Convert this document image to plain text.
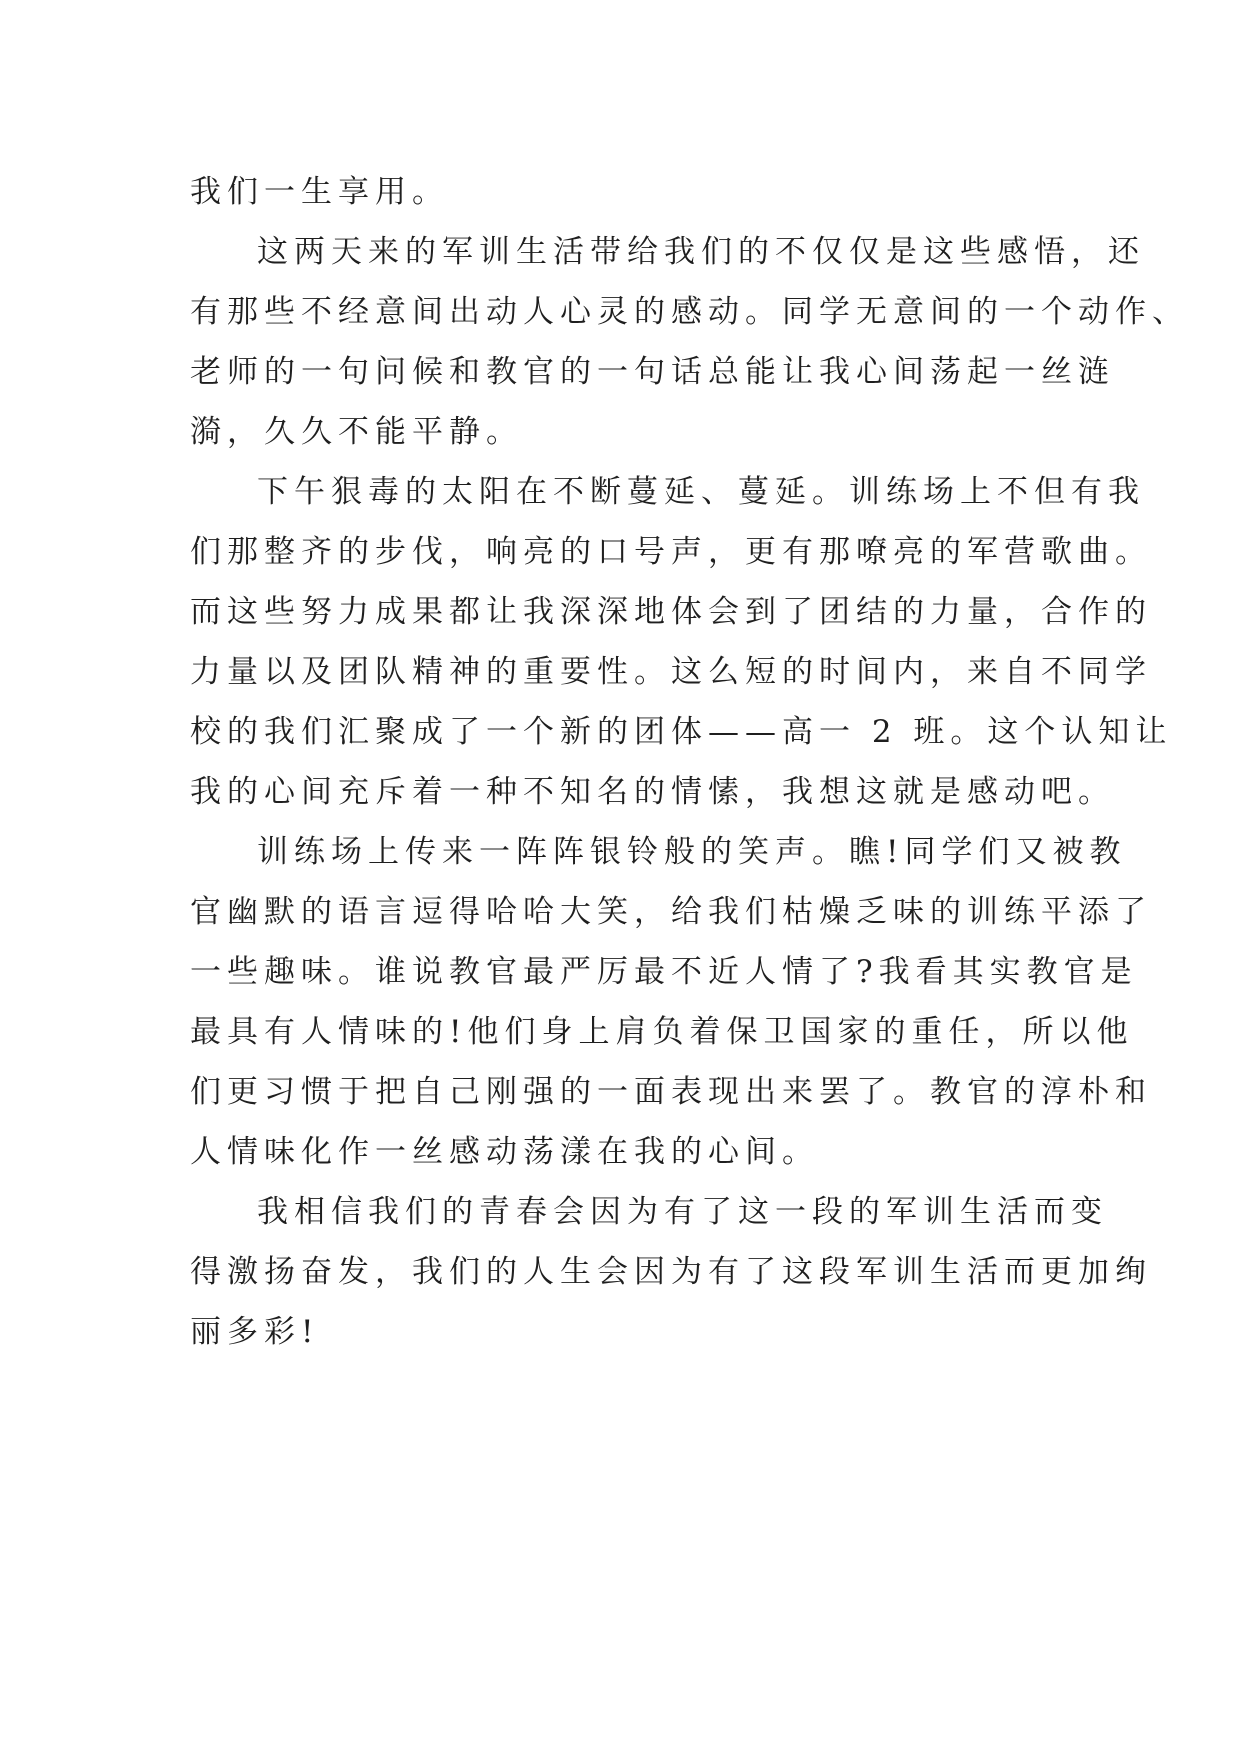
我们一生享用。
这两天来的军训生活带给我们的不仅仅是这些感悟，还
有那些不经意间出动人心灵的感动。同学无意间的一个动作、
老师的一句问候和教官的一句话总能让我心间荡起一丝涟
漪，久久不能平静。
下午狠毒的太阳在不断蔓延、蔓延。训练场上不但有我
们那整齐的步伐，响亮的口号声，更有那嘹亮的军营歌曲。
而这些努力成果都让我深深地体会到了团结的力量，合作的
力量以及团队精神的重要性。这么短的时间内，来自不同学
校的我们汇聚成了一个新的团体——高一 2 班。这个认知让
我的心间充斥着一种不知名的情愫，我想这就是感动吧。
训练场上传来一阵阵银铃般的笑声。瞧!同学们又被教
官幽默的语言逗得哈哈大笑，给我们枯燥乏味的训练平添了
一些趣味。谁说教官最严厉最不近人情了?我看其实教官是
最具有人情味的!他们身上肩负着保卫国家的重任，所以他
们更习惯于把自己刚强的一面表现出来罢了。教官的淳朴和
人情味化作一丝感动荡漾在我的心间。
我相信我们的青春会因为有了这一段的军训生活而变
得激扬奋发，我们的人生会因为有了这段军训生活而更加绚
丽多彩!
